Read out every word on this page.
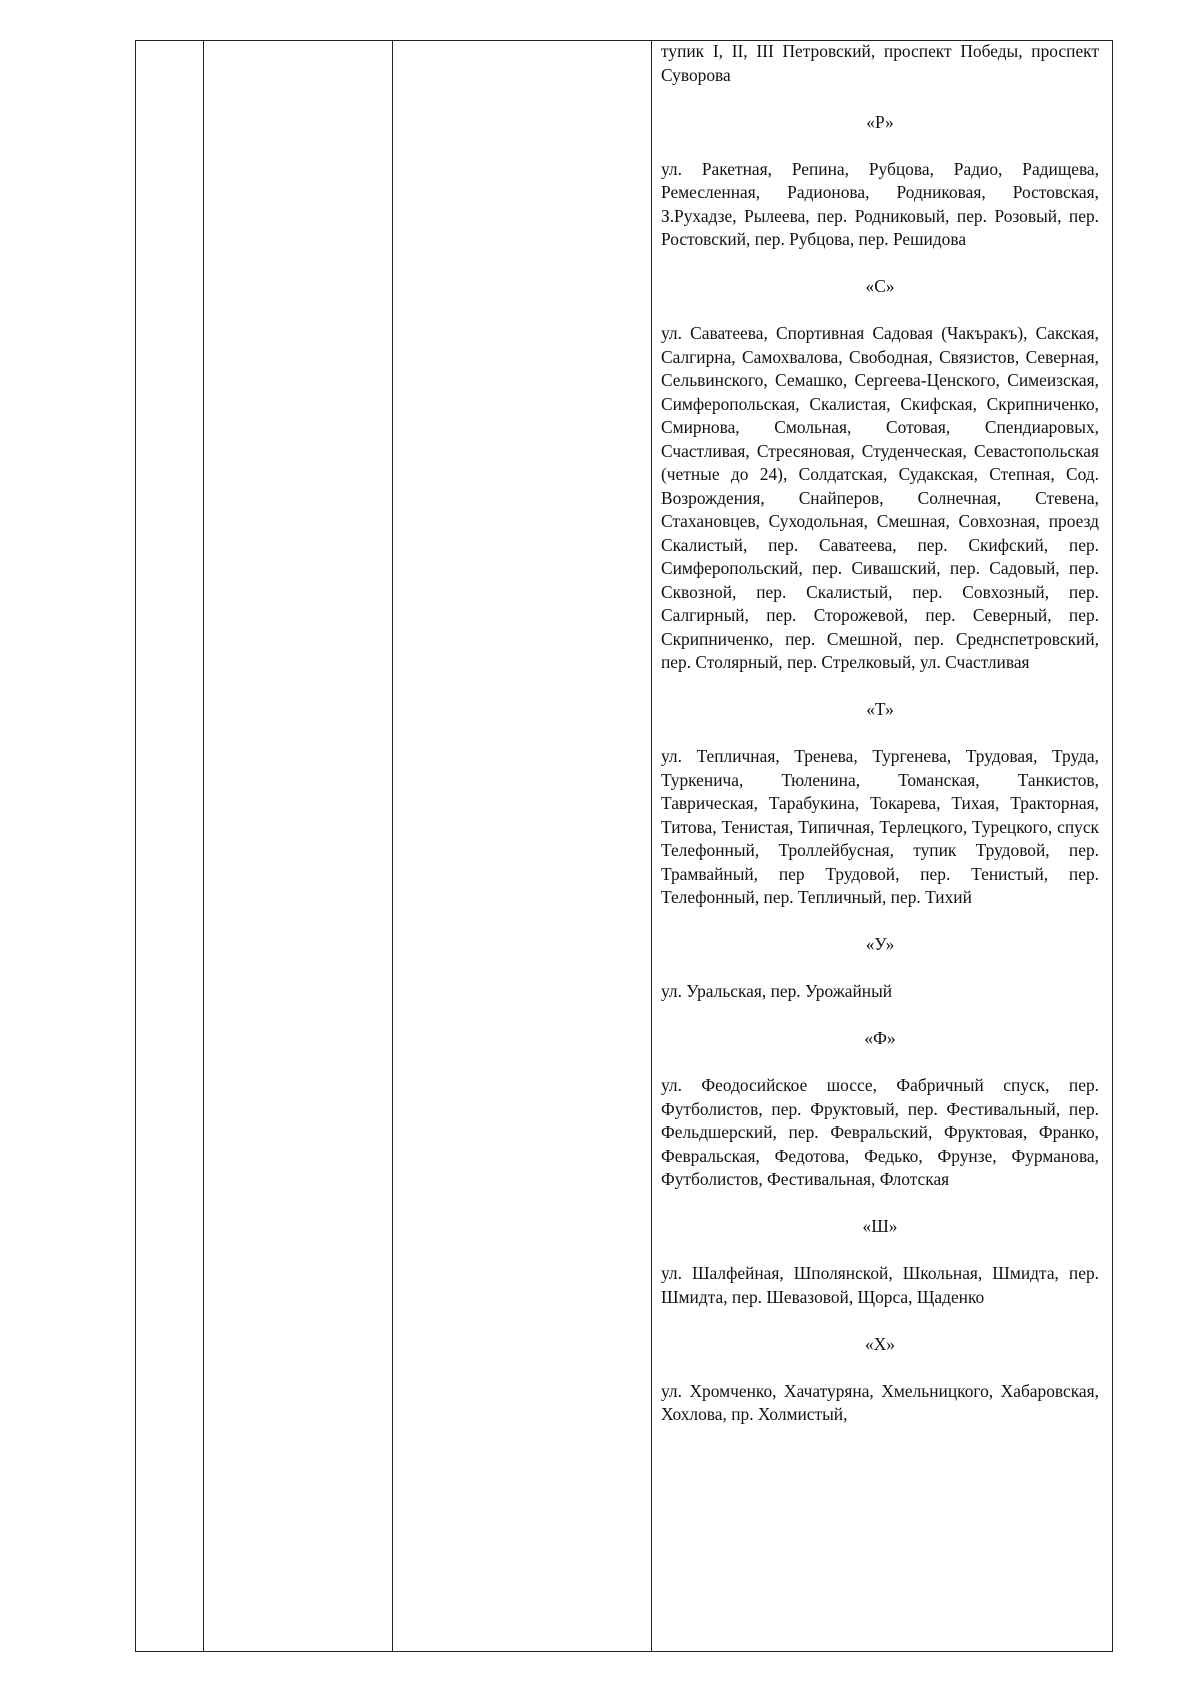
тупик I, II, III Петровский, проспект Победы, проспект Суворова

«Р»

ул. Ракетная, Репина, Рубцова, Радио, Радищева, Ремесленная, Радионова, Родниковая, Ростовская, З.Рухадзе, Рылеева, пер. Родниковый, пер. Розовый, пер. Ростовский, пер. Рубцова, пер. Решидова

«С»

ул. Саватеева, Спортивная Садовая (Чакъракъ), Сакская, Салгирна, Самохвалова, Свободная, Связистов, Северная, Сельвинского, Семашко, Сергеева-Ценского, Симеизская, Симферопольская, Скалистая, Скифская, Скрипниченко, Смирнова, Смольная, Сотовая, Спендиаровых, Счастливая, Стресяновая, Студенческая, Севастопольская (четные до 24), Солдатская, Судакская, Степная, Сод. Возрождения, Снайперов, Солнечная, Стевена, Стахановцев, Суходольная, Смешная, Совхозная, проезд Скалистый, пер. Саватеева, пер. Скифский, пер. Симферопольский, пер. Сивашский, пер. Садовый, пер. Сквозной, пер. Скалистый, пер. Совхозный, пер. Салгирный, пер. Сторожевой, пер. Северный, пер. Скрипниченко, пер. Смешной, пер. Среднспетровский, пер. Столярный, пер. Стрелковый, ул. Счастливая

«Т»

ул. Тепличная, Тренева, Тургенева, Трудовая, Труда, Туркенича, Тюленина, Томанская, Танкистов, Таврическая, Тарабукина, Токарева, Тихая, Тракторная, Титова, Тенистая, Типичная, Терлецкого, Турецкого, спуск Телефонный, Троллейбусная, тупик Трудовой, пер. Трамвайный, пер Трудовой, пер. Тенистый, пер. Телефонный, пер. Тепличный, пер. Тихий

«У»

ул. Уральская, пер. Урожайный

«Ф»

ул. Феодосийское шоссе, Фабричный спуск, пер. Футболистов, пер. Фруктовый, пер. Фестивальный, пер. Фельдшерский, пер. Февральский, Фруктовая, Франко, Февральская, Федотова, Федько, Фрунзе, Фурманова, Футболистов, Фестивальная, Флотская

«Ш»

ул. Шалфейная, Шполянской, Школьная, Шмидта, пер. Шмидта, пер. Шевазовой, Щорса, Щаденко

«Х»

ул. Хромченко, Хачатуряна, Хмельницкого, Хабаровская, Хохлова, пр. Холмистый,
